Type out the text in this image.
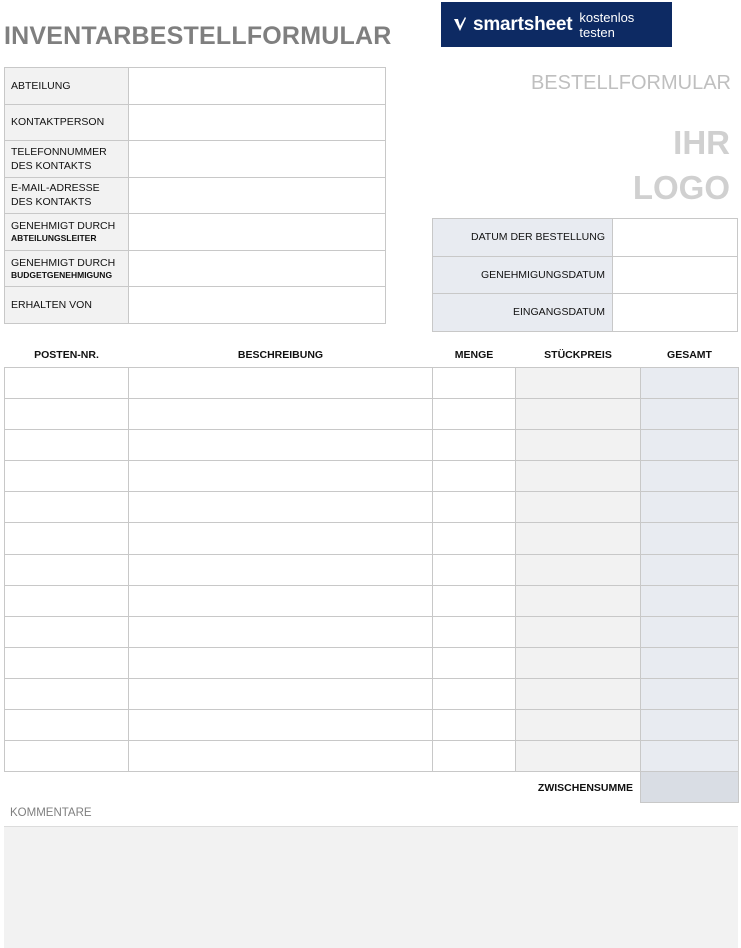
INVENTARBESTELLFORMULAR	smartsheet kostenlos testen
ABTEILUNG	
KONTAKTPERSON	
TELEFONNUMMER DES KONTAKTS	
E-MAIL-ADRESSE DES KONTAKTS	
GENEHMIGT DURCH
ABTEILUNGSLEITER	

GENEHMIGT DURCH
BUDGETGENEHMIGUNG	

ERHALTEN VON	
BESTELLFORMULAR
IHR
LOGO
DATUM DER BESTELLUNG	
GENEHMIGUNGSDATUM	
EINGANGSDATUM	
POSTEN-NR.	BESCHREIBUNG	MENGE	STÜCKPREIS	GESAMT

ZWISCHENSUMME				
KOMMENTARE
